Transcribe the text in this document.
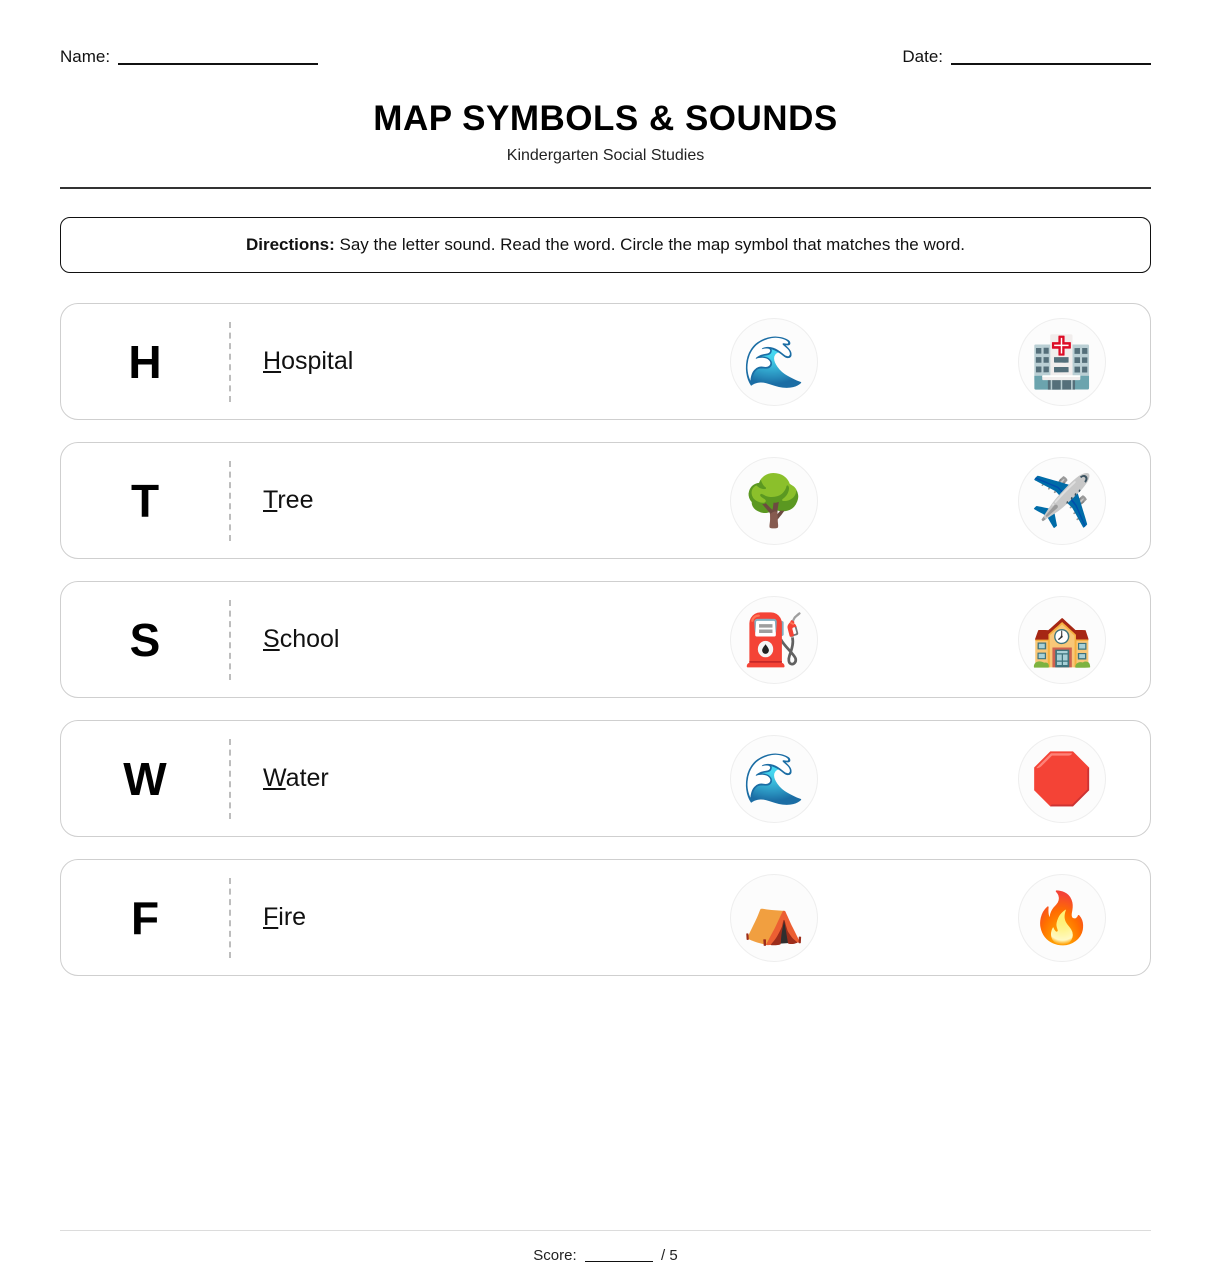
Name:	Date:
MAP SYMBOLS & SOUNDS

Kindergarten Social Studies

Directions: Say the letter sound. Read the word. Circle the map symbol that matches the word.
H	Hospital	🌊	🏥
T	Tree	🌳	✈️
S	School	⛽	🏫
W	Water	🌊	🛑
F	Fire	⛺	🔥
Score:	/ 5
